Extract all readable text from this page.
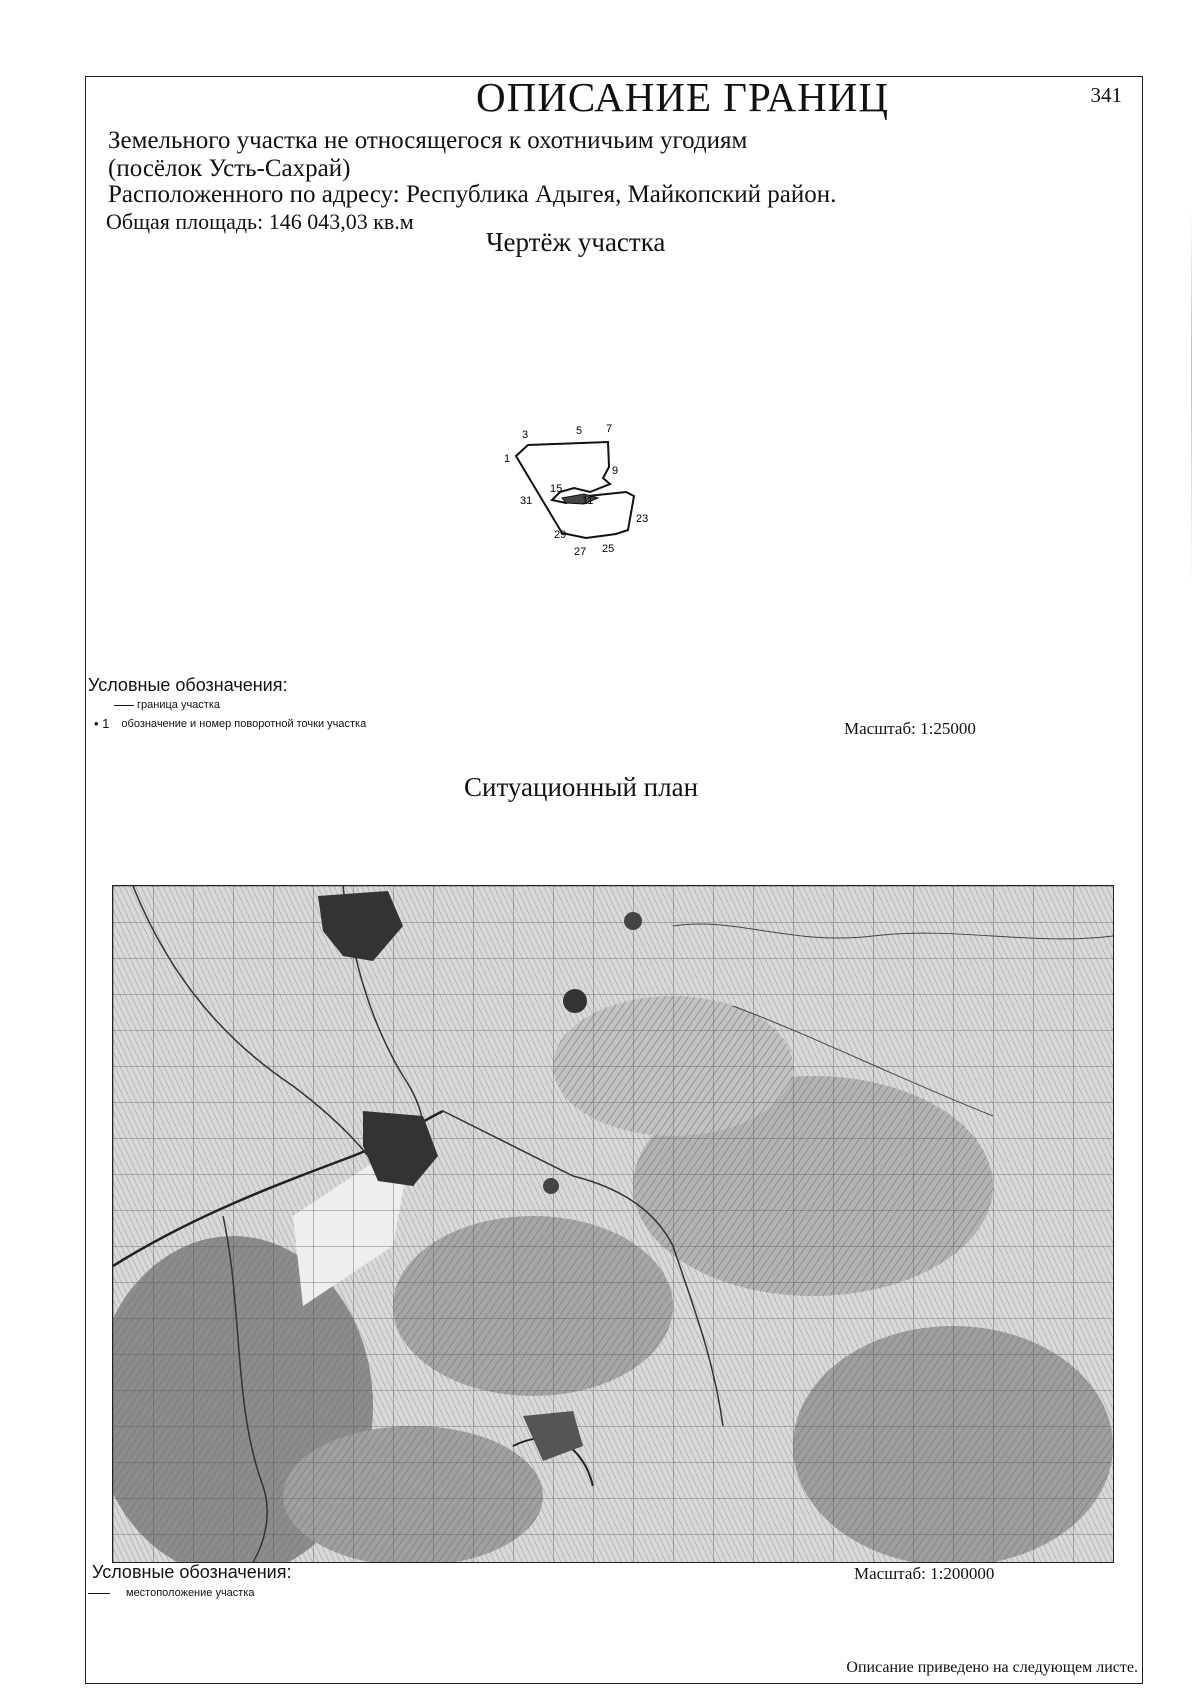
ОПИСАНИЕ ГРАНИЦ	341
Земельного участка не относящегося к охотничьим угодиям
(посёлок Усть-Сахрай)
Расположенного по адресу: Республика Адыгея, Майкопский район.
Общая площадь: 146 043,03 кв.м
Чертёж участка
1
3	5 7
9
15
11
31
23
29
27 25
Условные обозначения:
граница участка
• 1 обозначение и номер поворотной точки участка	Масштаб: 1:25000
Ситуационный план
Условные обозначения:	Масштаб: 1:200000
местоположение участка
Описание приведено на следующем листе.
